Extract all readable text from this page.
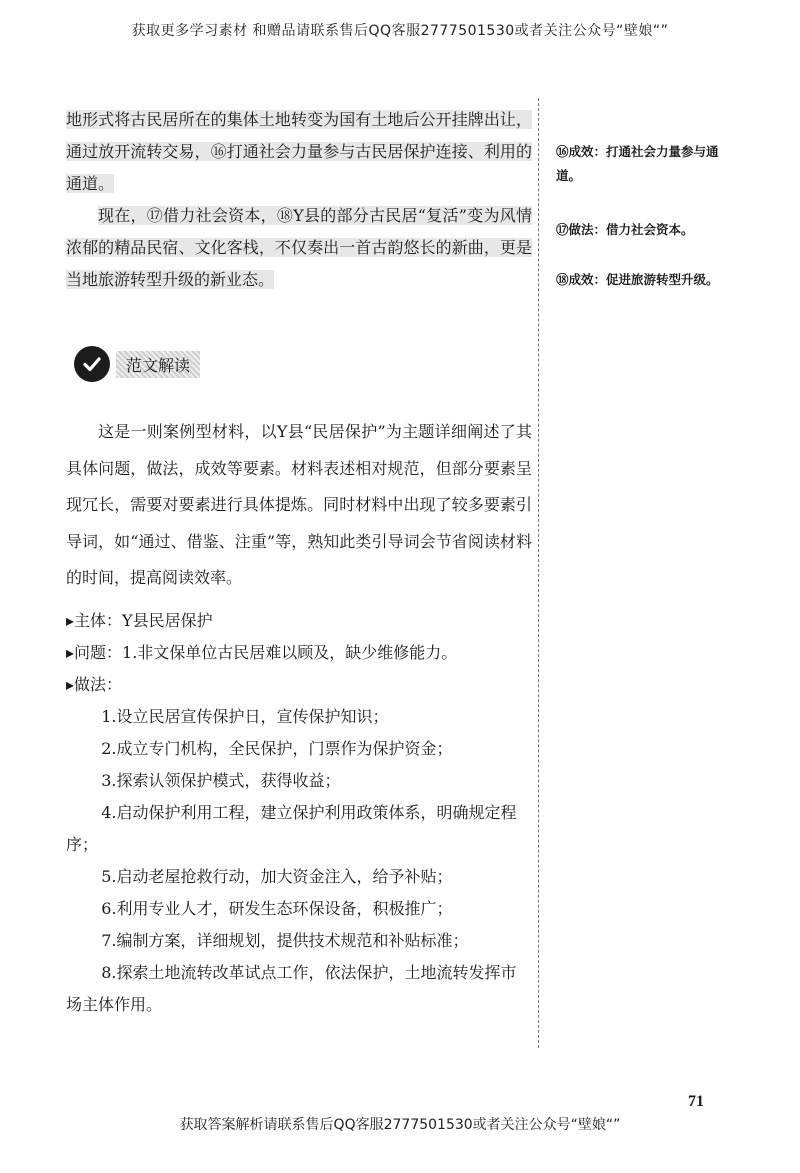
获取更多学习素材 和赠品请联系售后QQ客服2777501530或者关注公众号“壁娘“”

地形式将古民居所在的集体土地转变为国有土地后公开挂牌出让，通过放开流转交易，⑯打通社会力量参与古民居保护连接、利用的通道。

现在，⑰借力社会资本，⑱Y县的部分古民居“复活”变为风情浓郁的精品民宿、文化客栈，不仅奏出一首古韵悠长的新曲，更是当地旅游转型升级的新业态。

⑯成效：打通社会力量参与通道。
⑰做法：借力社会资本。
⑱成效：促进旅游转型升级。
范文解读

这是一则案例型材料，以Y县“民居保护”为主题详细阐述了其具体问题，做法，成效等要素。材料表述相对规范，但部分要素呈现冗长，需要对要素进行具体提炼。同时材料中出现了较多要素引导词，如“通过、借鉴、注重”等，熟知此类引导词会节省阅读材料的时间，提高阅读效率。

▸主体：Y县民居保护
▸问题：1.非文保单位古民居难以顾及，缺少维修能力。
▸做法：
1.设立民居宣传保护日，宣传保护知识；
2.成立专门机构，全民保护，门票作为保护资金；
3.探索认领保护模式，获得收益；
4.启动保护利用工程，建立保护利用政策体系，明确规定程序；
5.启动老屋抢救行动，加大资金注入，给予补贴；
6.利用专业人才，研发生态环保设备，积极推广；
7.编制方案，详细规划，提供技术规范和补贴标准；
8.探索土地流转改革试点工作，依法保护，土地流转发挥市场主体作用。
71
获取答案解析请联系售后QQ客服2777501530或者关注公众号“壁娘“”
